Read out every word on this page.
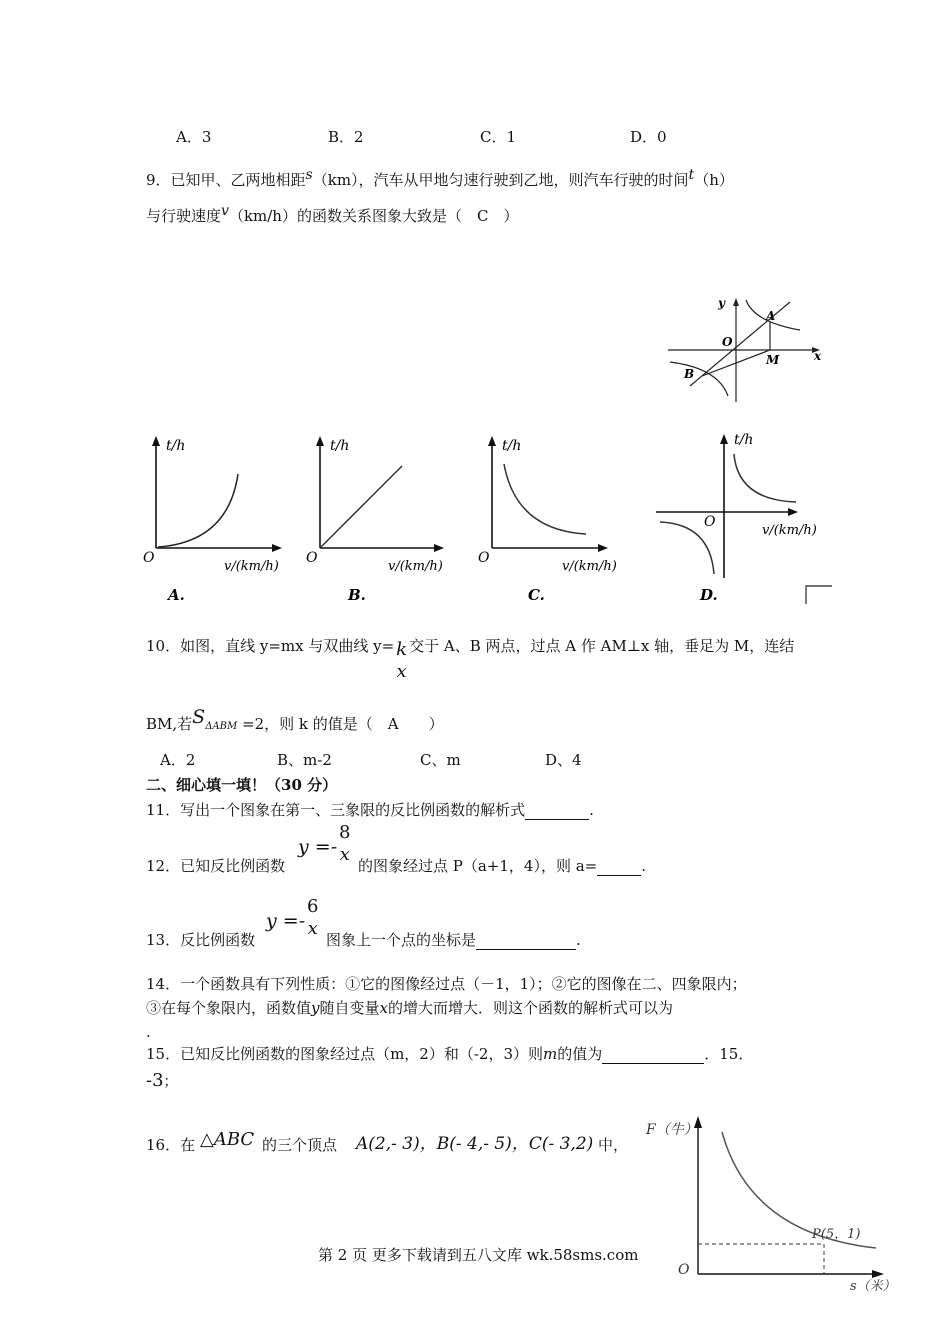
A．3	B．2	C．1	D．0
9．已知甲、乙两地相距$^s$（km），汽车从甲地匀速行驶到乙地，则汽车行驶的时间$^t$（h）
与行驶速度$^v$（km/h）的函数关系图象大致是（　C　）
y
x
A
B
O
M
t/h
O
v/(km/h)
A.
t/h
O
v/(km/h)
B.
t/h
O
v/(km/h)
C.
t/h
O
v/(km/h)
D.
10．如图，直线 y=mx 与双曲线 y= k
x
交于 A、B 两点，过点 A 作 AM⊥x 轴，垂足为 M，连结
BM,若SΔABM =2，则 k 的值是（　A　　）
A．2	B、m-2	C、m	D、4
二、细心填一填！（30 分）
11．写出一个图象在第一、三象限的反比例函数的解析式	.
12．已知反比例函数
y =-
8
x
的图象经过点 P（a+1，4），则 a=	.
13．反比例函数
y =-
6
x
图象上一个点的坐标是	.
14．一个函数具有下列性质：①它的图像经过点（－1，1）；②它的图像在二、四象限内；
③在每个象限内，函数值y随自变量x的增大而增大．则这个函数的解析式可以为
.
15．已知反比例函数的图象经过点（m，2）和（-2，3）则m的值为	．15．
-3；
16．在 △ABC 的三个顶点 A(2,- 3)，B(- 4,- 5)，C(- 3,2) 中，
F（牛）
O
P(5，1)
s（米）
第 2 页 更多下载请到五八文库 wk.58sms.com
